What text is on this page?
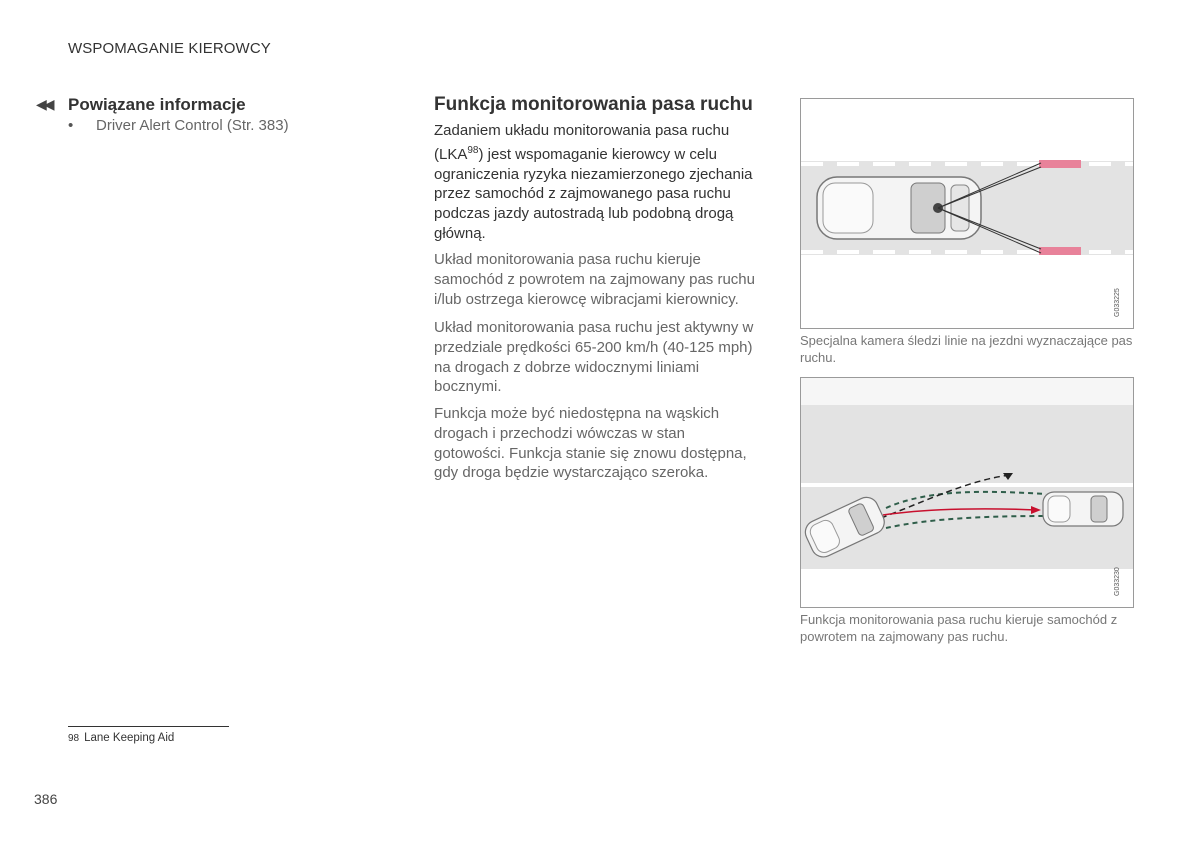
WSPOMAGANIE KIEROWCY
◀◀ Powiązane informacje
• Driver Alert Control (Str. 383)
Funkcja monitorowania pasa ruchu
Zadaniem układu monitorowania pasa ruchu (LKA$^{98}$) jest wspomaganie kierowcy w celu ograniczenia ryzyka niezamierzonego zjechania przez samochód z zajmowanego pasa ruchu podczas jazdy autostradą lub podobną drogą główną.
Układ monitorowania pasa ruchu kieruje samochód z powrotem na zajmowany pas ruchu i/lub ostrzega kierowcę wibracjami kierownicy.
Układ monitorowania pasa ruchu jest aktywny w przedziale prędkości 65-200 km/h (40-125 mph) na drogach z dobrze widocznymi liniami bocznymi.
Funkcja może być niedostępna na wąskich drogach i przechodzi wówczas w stan gotowości. Funkcja stanie się znowu dostępna, gdy droga będzie wystarczająco szeroka.
G033225
Specjalna kamera śledzi linie na jezdni wyznaczające pas ruchu.
G033230
Funkcja monitorowania pasa ruchu kieruje samochód z powrotem na zajmowany pas ruchu.
98 Lane Keeping Aid
386
